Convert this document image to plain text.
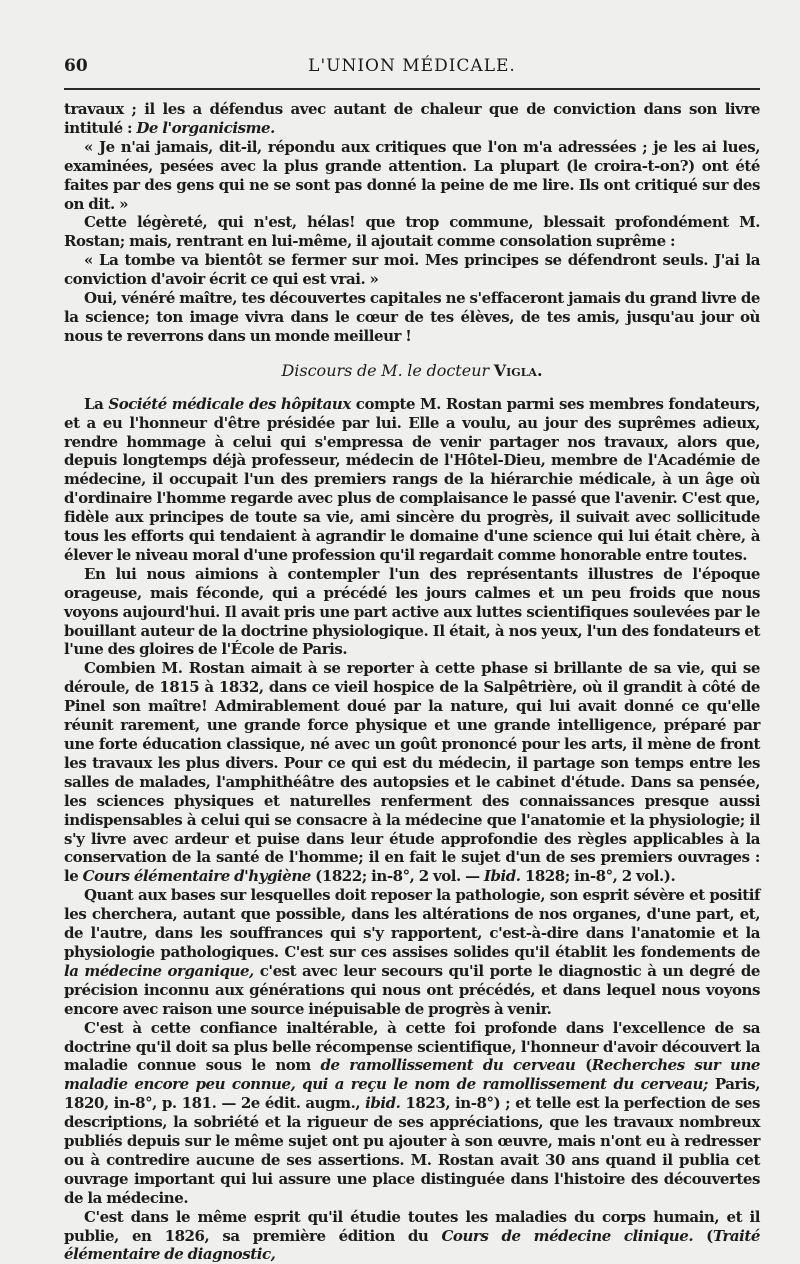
60	L'UNION MÉDICALE.

travaux ; il les a défendus avec autant de chaleur que de conviction dans son livre intitulé : De l'organicisme.

« Je n'ai jamais, dit-il, répondu aux critiques que l'on m'a adressées ; je les ai lues, examinées, pesées avec la plus grande attention. La plupart (le croira-t-on?) ont été faites par des gens qui ne se sont pas donné la peine de me lire. Ils ont critiqué sur des on dit. »

Cette légèreté, qui n'est, hélas! que trop commune, blessait profondément M. Rostan; mais, rentrant en lui-même, il ajoutait comme consolation suprême :

« La tombe va bientôt se fermer sur moi. Mes principes se défendront seuls. J'ai la conviction d'avoir écrit ce qui est vrai. »

Oui, vénéré maître, tes découvertes capitales ne s'effaceront jamais du grand livre de la science; ton image vivra dans le cœur de tes élèves, de tes amis, jusqu'au jour où nous te reverrons dans un monde meilleur !

Discours de M. le docteur Vigla.

La Société médicale des hôpitaux compte M. Rostan parmi ses membres fondateurs, et a eu l'honneur d'être présidée par lui. Elle a voulu, au jour des suprêmes adieux, rendre hommage à celui qui s'empressa de venir partager nos travaux, alors que, depuis longtemps déjà professeur, médecin de l'Hôtel-Dieu, membre de l'Académie de médecine, il occupait l'un des premiers rangs de la hiérarchie médicale, à un âge où d'ordinaire l'homme regarde avec plus de complaisance le passé que l'avenir. C'est que, fidèle aux principes de toute sa vie, ami sincère du progrès, il suivait avec sollicitude tous les efforts qui tendaient à agrandir le domaine d'une science qui lui était chère, à élever le niveau moral d'une profession qu'il regardait comme honorable entre toutes.

En lui nous aimions à contempler l'un des représentants illustres de l'époque orageuse, mais féconde, qui a précédé les jours calmes et un peu froids que nous voyons aujourd'hui. Il avait pris une part active aux luttes scientifiques soulevées par le bouillant auteur de la doctrine physiologique. Il était, à nos yeux, l'un des fondateurs et l'une des gloires de l'École de Paris.

Combien M. Rostan aimait à se reporter à cette phase si brillante de sa vie, qui se déroule, de 1815 à 1832, dans ce vieil hospice de la Salpêtrière, où il grandit à côté de Pinel son maître! Admirablement doué par la nature, qui lui avait donné ce qu'elle réunit rarement, une grande force physique et une grande intelligence, préparé par une forte éducation classique, né avec un goût prononcé pour les arts, il mène de front les travaux les plus divers. Pour ce qui est du médecin, il partage son temps entre les salles de malades, l'amphithéâtre des autopsies et le cabinet d'étude. Dans sa pensée, les sciences physiques et naturelles renferment des connaissances presque aussi indispensables à celui qui se consacre à la médecine que l'anatomie et la physiologie; il s'y livre avec ardeur et puise dans leur étude approfondie des règles applicables à la conservation de la santé de l'homme; il en fait le sujet d'un de ses premiers ouvrages : le Cours élémentaire d'hygiène (1822; in-8°, 2 vol. — Ibid. 1828; in-8°, 2 vol.).

Quant aux bases sur lesquelles doit reposer la pathologie, son esprit sévère et positif les cherchera, autant que possible, dans les altérations de nos organes, d'une part, et, de l'autre, dans les souffrances qui s'y rapportent, c'est-à-dire dans l'anatomie et la physiologie pathologiques. C'est sur ces assises solides qu'il établit les fondements de la médecine organique, c'est avec leur secours qu'il porte le diagnostic à un degré de précision inconnu aux générations qui nous ont précédés, et dans lequel nous voyons encore avec raison une source inépuisable de progrès à venir.

C'est à cette confiance inaltérable, à cette foi profonde dans l'excellence de sa doctrine qu'il doit sa plus belle récompense scientifique, l'honneur d'avoir découvert la maladie connue sous le nom de ramollissement du cerveau (Recherches sur une maladie encore peu connue, qui a reçu le nom de ramollissement du cerveau; Paris, 1820, in-8°, p. 181. — 2e édit. augm., ibid. 1823, in-8°) ; et telle est la perfection de ses descriptions, la sobriété et la rigueur de ses appréciations, que les travaux nombreux publiés depuis sur le même sujet ont pu ajouter à son œuvre, mais n'ont eu à redresser ou à contredire aucune de ses assertions. M. Rostan avait 30 ans quand il publia cet ouvrage important qui lui assure une place distinguée dans l'histoire des découvertes de la médecine.

C'est dans le même esprit qu'il étudie toutes les maladies du corps humain, et il publie, en 1826, sa première édition du Cours de médecine clinique. (Traité élémentaire de diagnostic,
